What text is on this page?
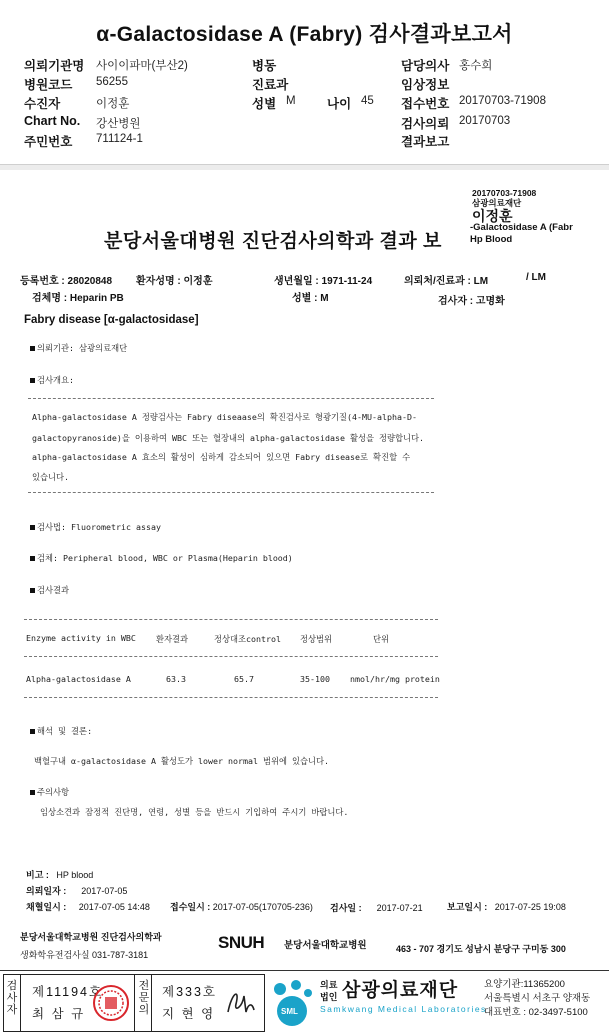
α-Galactosidase A (Fabry) 검사결과보고서
의뢰기관명 사이이파마(부산2)	병동	담당의사 홍수희
병원코드 56255	진료과	임상정보
수진자	이정훈	성별 M	나이 45 접수번호 20170703-71908
Chart No. 강산병원	검사의뢰 20170703
주민번호 711124-1	결과보고
20170703-71908
삼광의료재단
이정훈
분당서울대병원 진단검사의학과 결과 보
-Galactosidase A (Fabr
Hp Blood
등록번호 : 28020848 환자성명 : 이정훈	생년월일 : 1971-11-24	의뢰처/진료과 : LM	/ LM
검체명 : Heparin PB	성별 : M	검사자 : 고명화
Fabry disease [α-galactosidase]
의뢰기관: 삼광의료재단
검사개요:
Alpha-galactosidase A 정량검사는 Fabry diseaase의 확진검사로 형광기질(4-MU-alpha-D-
galactopyranoside)을 이용하여 WBC 또는 혈장내의 alpha-galactosidase 활성을 정량합니다.
alpha-galactosidase A 효소의 활성이 심하게 감소되어 있으면 Fabry disease로 확진할 수
있습니다.
검사법: Fluorometric assay
검체: Peripheral blood, WBC or Plasma(Heparin blood)
검사결과
Enzyme activity in WBC 환자결과	정상대조control 정상범위	단위
Alpha-galactosidase A	63.3	65.7	35-100 nmol/hr/mg protein
해석 및 결론:
백혈구내 α-galactosidase A 활성도가 lower normal 범위에 있습니다.
주의사항
임상소견과 잠정적 진단명, 연령, 성별 등을 반드시 기입하여 주시기 바랍니다.
비고 : HP blood
의뢰일자 : 2017-07-05
채혈일시 : 2017-07-05 14:48 접수일시 : 2017-07-05(170705-236) 검사일 : 2017-07-21	보고일시 : 2017-07-25 19:08
분당서울대학교병원 진단검사의학과
생화학유전검사실 031-787-3181
SNUH 분당서울대학교병원	463 - 707 경기도 성남시 분당구 구미동 300
검사자
제11194호
최 삼 규
전문의
제333호
지 현 영	SML
의료
법인 삼광의료재단
Samkwang Medical Laboratories
요양기관:11365200
서울특별시 서초구 양재동
대표번호 : 02-3497-5100
